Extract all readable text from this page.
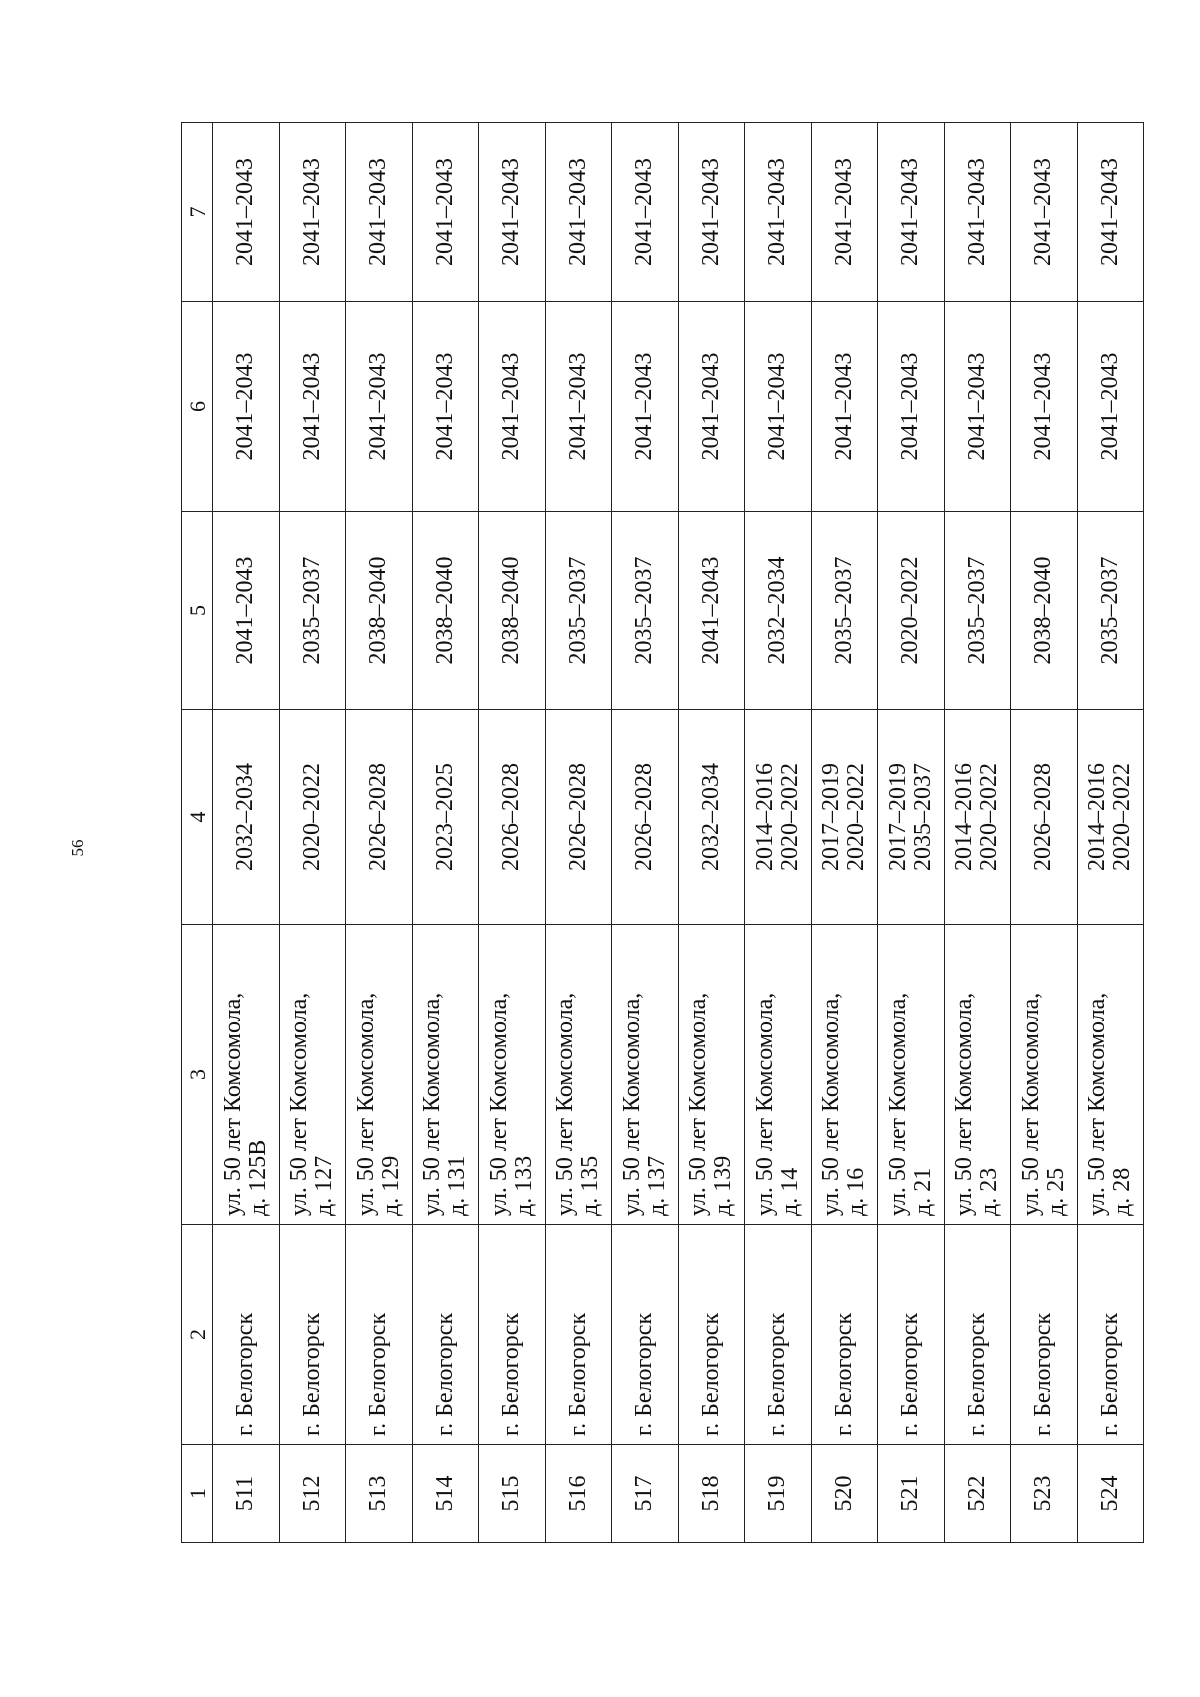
56
1	2	3	4	5	6	7

511	г. Белогорск	ул. 50 лет Комсомола, д. 125В	2032–2034	2041–2043	2041–2043	2041–2043

512	г. Белогорск	ул. 50 лет Комсомола, д. 127	2020–2022	2035–2037	2041–2043	2041–2043

513	г. Белогорск	ул. 50 лет Комсомола, д. 129	2026–2028	2038–2040	2041–2043	2041–2043

514	г. Белогорск	ул. 50 лет Комсомола, д. 131	2023–2025	2038–2040	2041–2043	2041–2043

515	г. Белогорск	ул. 50 лет Комсомола, д. 133	2026–2028	2038–2040	2041–2043	2041–2043

516	г. Белогорск	ул. 50 лет Комсомола, д. 135	2026–2028	2035–2037	2041–2043	2041–2043

517	г. Белогорск	ул. 50 лет Комсомола, д. 137	2026–2028	2035–2037	2041–2043	2041–2043

518	г. Белогорск	ул. 50 лет Комсомола, д. 139	2032–2034	2041–2043	2041–2043	2041–2043

519	г. Белогорск	ул. 50 лет Комсомола, д. 14	2014–2016 2020–2022	2032–2034	2041–2043	2041–2043

520	г. Белогорск	ул. 50 лет Комсомола, д. 16	2017–2019 2020–2022	2035–2037	2041–2043	2041–2043

521	г. Белогорск	ул. 50 лет Комсомола, д. 21	2017–2019 2035–2037	2020–2022	2041–2043	2041–2043

522	г. Белогорск	ул. 50 лет Комсомола, д. 23	2014–2016 2020–2022	2035–2037	2041–2043	2041–2043

523	г. Белогорск	ул. 50 лет Комсомола, д. 25	2026–2028	2038–2040	2041–2043	2041–2043

524	г. Белогорск	ул. 50 лет Комсомола, д. 28	2014–2016 2020–2022	2035–2037	2041–2043	2041–2043
